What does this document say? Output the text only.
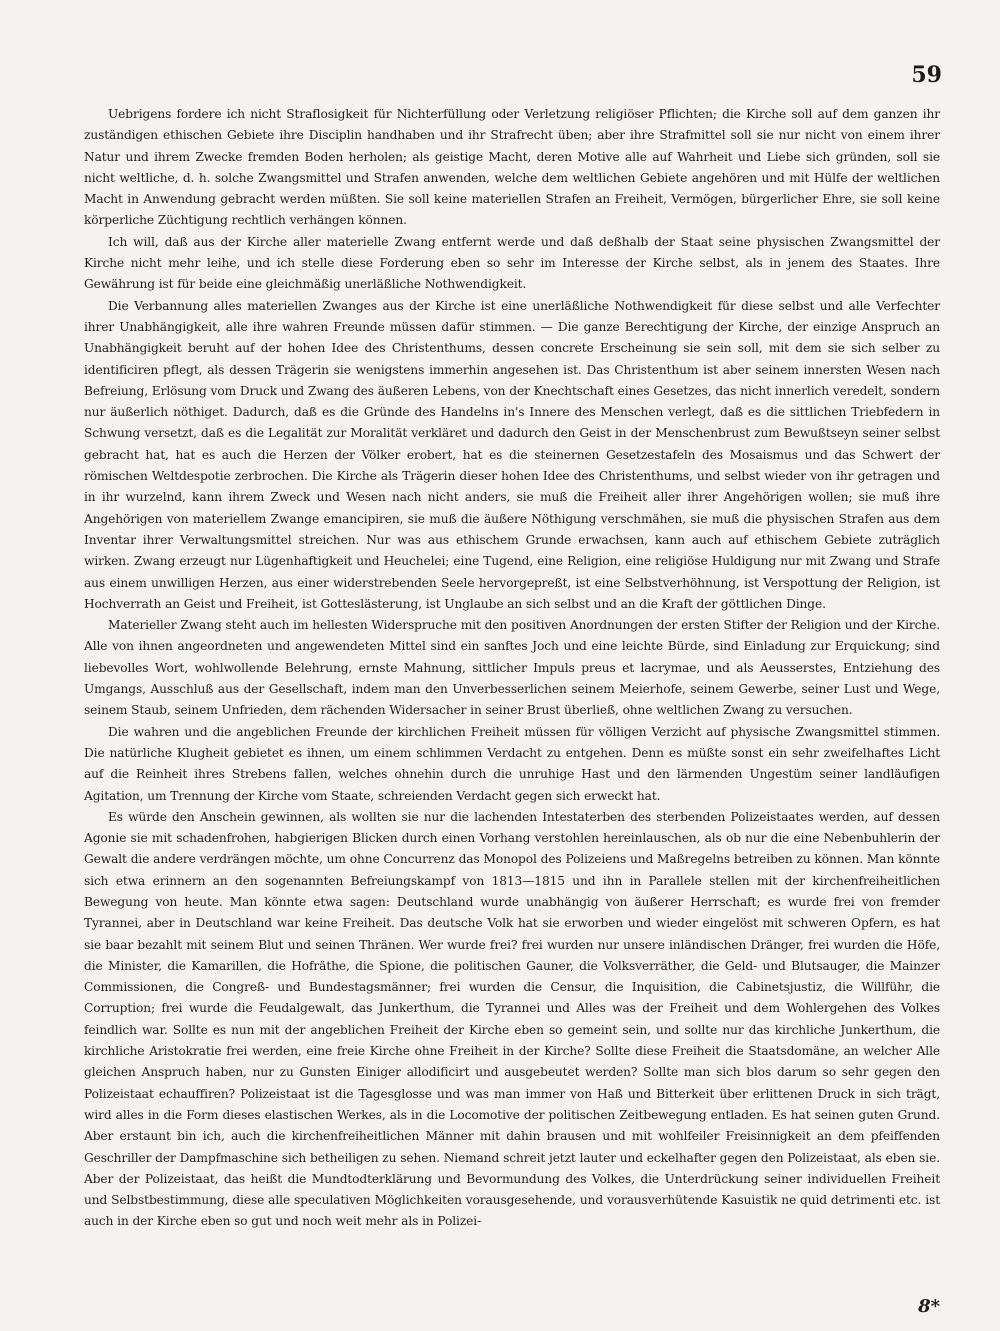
59

Uebrigens fordere ich nicht Straflosigkeit für Nichterfüllung oder Verletzung religiöser Pflichten; die Kirche soll auf dem ganzen ihr zuständigen ethischen Gebiete ihre Disciplin handhaben und ihr Strafrecht üben; aber ihre Strafmittel soll sie nur nicht von einem ihrer Natur und ihrem Zwecke fremden Boden herholen; als geistige Macht, deren Motive alle auf Wahrheit und Liebe sich gründen, soll sie nicht weltliche, d. h. solche Zwangsmittel und Strafen anwenden, welche dem weltlichen Gebiete angehören und mit Hülfe der weltlichen Macht in Anwendung gebracht werden müßten. Sie soll keine materiellen Strafen an Freiheit, Vermögen, bürgerlicher Ehre, sie soll keine körperliche Züchtigung rechtlich verhängen können.

Ich will, daß aus der Kirche aller materielle Zwang entfernt werde und daß deßhalb der Staat seine physischen Zwangsmittel der Kirche nicht mehr leihe, und ich stelle diese Forderung eben so sehr im Interesse der Kirche selbst, als in jenem des Staates. Ihre Gewährung ist für beide eine gleichmäßig unerläßliche Nothwendigkeit.

Die Verbannung alles materiellen Zwanges aus der Kirche ist eine unerläßliche Nothwendigkeit für diese selbst und alle Verfechter ihrer Unabhängigkeit, alle ihre wahren Freunde müssen dafür stimmen. — Die ganze Berechtigung der Kirche, der einzige Anspruch an Unabhängigkeit beruht auf der hohen Idee des Christenthums, dessen concrete Erscheinung sie sein soll, mit dem sie sich selber zu identificiren pflegt, als dessen Trägerin sie wenigstens immerhin angesehen ist. Das Christenthum ist aber seinem innersten Wesen nach Befreiung, Erlösung vom Druck und Zwang des äußeren Lebens, von der Knechtschaft eines Gesetzes, das nicht innerlich veredelt, sondern nur äußerlich nöthiget. Dadurch, daß es die Gründe des Handelns in's Innere des Menschen verlegt, daß es die sittlichen Triebfedern in Schwung versetzt, daß es die Legalität zur Moralität verkläret und dadurch den Geist in der Menschenbrust zum Bewußtseyn seiner selbst gebracht hat, hat es auch die Herzen der Völker erobert, hat es die steinernen Gesetzestafeln des Mosaismus und das Schwert der römischen Weltdespotie zerbrochen. Die Kirche als Trägerin dieser hohen Idee des Christenthums, und selbst wieder von ihr getragen und in ihr wurzelnd, kann ihrem Zweck und Wesen nach nicht anders, sie muß die Freiheit aller ihrer Angehörigen wollen; sie muß ihre Angehörigen von materiellem Zwange emancipiren, sie muß die äußere Nöthigung verschmähen, sie muß die physischen Strafen aus dem Inventar ihrer Verwaltungsmittel streichen. Nur was aus ethischem Grunde erwachsen, kann auch auf ethischem Gebiete zuträglich wirken. Zwang erzeugt nur Lügenhaftigkeit und Heuchelei; eine Tugend, eine Religion, eine religiöse Huldigung nur mit Zwang und Strafe aus einem unwilligen Herzen, aus einer widerstrebenden Seele hervorgepreßt, ist eine Selbstverhöhnung, ist Verspottung der Religion, ist Hochverrath an Geist und Freiheit, ist Gotteslästerung, ist Unglaube an sich selbst und an die Kraft der göttlichen Dinge.

Materieller Zwang steht auch im hellesten Widerspruche mit den positiven Anordnungen der ersten Stifter der Religion und der Kirche. Alle von ihnen angeordneten und angewendeten Mittel sind ein sanftes Joch und eine leichte Bürde, sind Einladung zur Erquickung; sind liebevolles Wort, wohlwollende Belehrung, ernste Mahnung, sittlicher Impuls preus et lacrymae, und als Aeusserstes, Entziehung des Umgangs, Ausschluß aus der Gesellschaft, indem man den Unverbesserlichen seinem Meierhofe, seinem Gewerbe, seiner Lust und Wege, seinem Staub, seinem Unfrieden, dem rächenden Widersacher in seiner Brust überließ, ohne weltlichen Zwang zu versuchen.

Die wahren und die angeblichen Freunde der kirchlichen Freiheit müssen für völligen Verzicht auf physische Zwangsmittel stimmen. Die natürliche Klugheit gebietet es ihnen, um einem schlimmen Verdacht zu entgehen. Denn es müßte sonst ein sehr zweifelhaftes Licht auf die Reinheit ihres Strebens fallen, welches ohnehin durch die unruhige Hast und den lärmenden Ungestüm seiner landläufigen Agitation, um Trennung der Kirche vom Staate, schreienden Verdacht gegen sich erweckt hat.

Es würde den Anschein gewinnen, als wollten sie nur die lachenden Intestaterben des sterbenden Polizeistaates werden, auf dessen Agonie sie mit schadenfrohen, habgierigen Blicken durch einen Vorhang verstohlen hereinlauschen, als ob nur die eine Nebenbuhlerin der Gewalt die andere verdrängen möchte, um ohne Concurrenz das Monopol des Polizeiens und Maßregelns betreiben zu können. Man könnte sich etwa erinnern an den sogenannten Befreiungskampf von 1813—1815 und ihn in Parallele stellen mit der kirchenfreiheitlichen Bewegung von heute. Man könnte etwa sagen: Deutschland wurde unabhängig von äußerer Herrschaft; es wurde frei von fremder Tyrannei, aber in Deutschland war keine Freiheit. Das deutsche Volk hat sie erworben und wieder eingelöst mit schweren Opfern, es hat sie baar bezahlt mit seinem Blut und seinen Thränen. Wer wurde frei? frei wurden nur unsere inländischen Dränger, frei wurden die Höfe, die Minister, die Kamarillen, die Hofräthe, die Spione, die politischen Gauner, die Volksverräther, die Geld- und Blutsauger, die Mainzer Commissionen, die Congreß- und Bundestagsmänner; frei wurden die Censur, die Inquisition, die Cabinetsjustiz, die Willführ, die Corruption; frei wurde die Feudalgewalt, das Junkerthum, die Tyrannei und Alles was der Freiheit und dem Wohlergehen des Volkes feindlich war. Sollte es nun mit der angeblichen Freiheit der Kirche eben so gemeint sein, und sollte nur das kirchliche Junkerthum, die kirchliche Aristokratie frei werden, eine freie Kirche ohne Freiheit in der Kirche? Sollte diese Freiheit die Staatsdomäne, an welcher Alle gleichen Anspruch haben, nur zu Gunsten Einiger allodificirt und ausgebeutet werden? Sollte man sich blos darum so sehr gegen den Polizeistaat echauffiren? Polizeistaat ist die Tagesglosse und was man immer von Haß und Bitterkeit über erlittenen Druck in sich trägt, wird alles in die Form dieses elastischen Werkes, als in die Locomotive der politischen Zeitbewegung entladen. Es hat seinen guten Grund. Aber erstaunt bin ich, auch die kirchenfreiheitlichen Männer mit dahin brausen und mit wohlfeiler Freisinnigkeit an dem pfeiffenden Geschriller der Dampfmaschine sich betheiligen zu sehen. Niemand schreit jetzt lauter und eckelhafter gegen den Polizeistaat, als eben sie. Aber der Polizeistaat, das heißt die Mundtodterklärung und Bevormundung des Volkes, die Unterdrückung seiner individuellen Freiheit und Selbstbestimmung, diese alle speculativen Möglichkeiten vorausgesehende, und vorausverhütende Kasuistik ne quid detrimenti etc. ist auch in der Kirche eben so gut und noch weit mehr als in Polizei-

8*
